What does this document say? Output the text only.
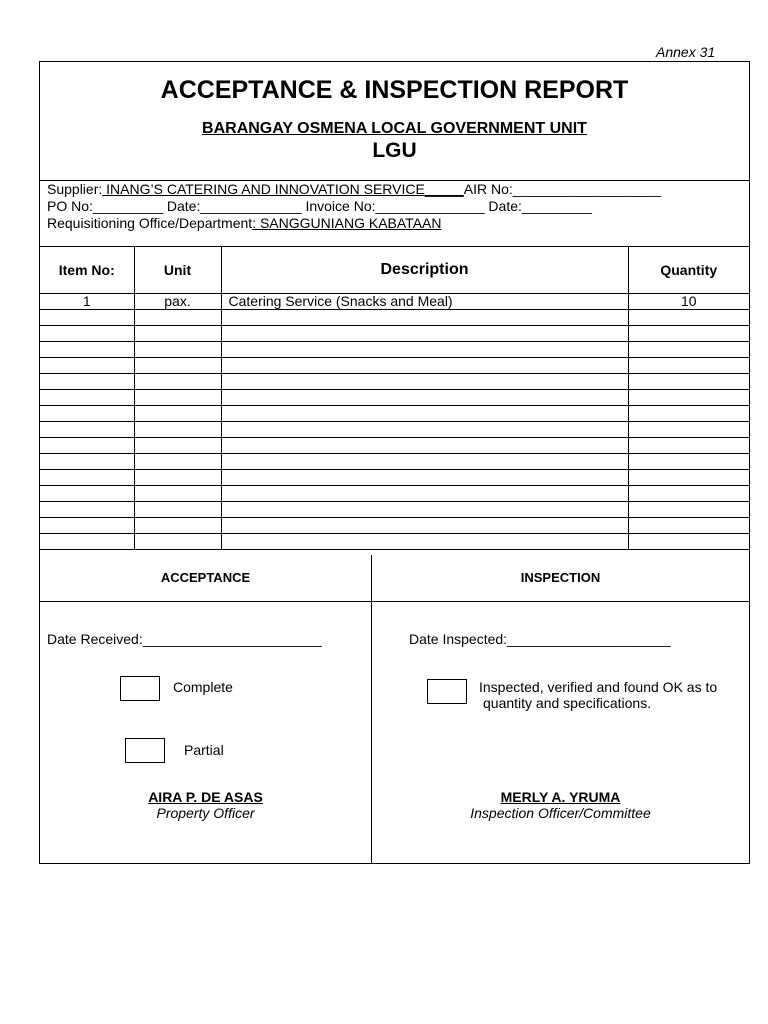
Annex 31
ACCEPTANCE & INSPECTION REPORT
BARANGAY OSMENA LOCAL GOVERNMENT UNIT
LGU
Supplier: INANG’S CATERING AND INNOVATION SERVICE_____AIR No:___________________
PO No:_________ Date:_____________ Invoice No:______________ Date:_________
Requisitioning Office/Department: SANGGUNIANG KABATAAN
Item No:	Unit	Description	Quantity
1	pax.	Catering Service (Snacks and Meal)	10

ACCEPTANCE	INSPECTION
Date Received:_______________________
Complete
Partial
AIRA P. DE ASAS
Property Officer
Date Inspected:_____________________
Inspected, verified and found OK as to
quantity and specifications.
MERLY A. YRUMA
Inspection Officer/Committee
